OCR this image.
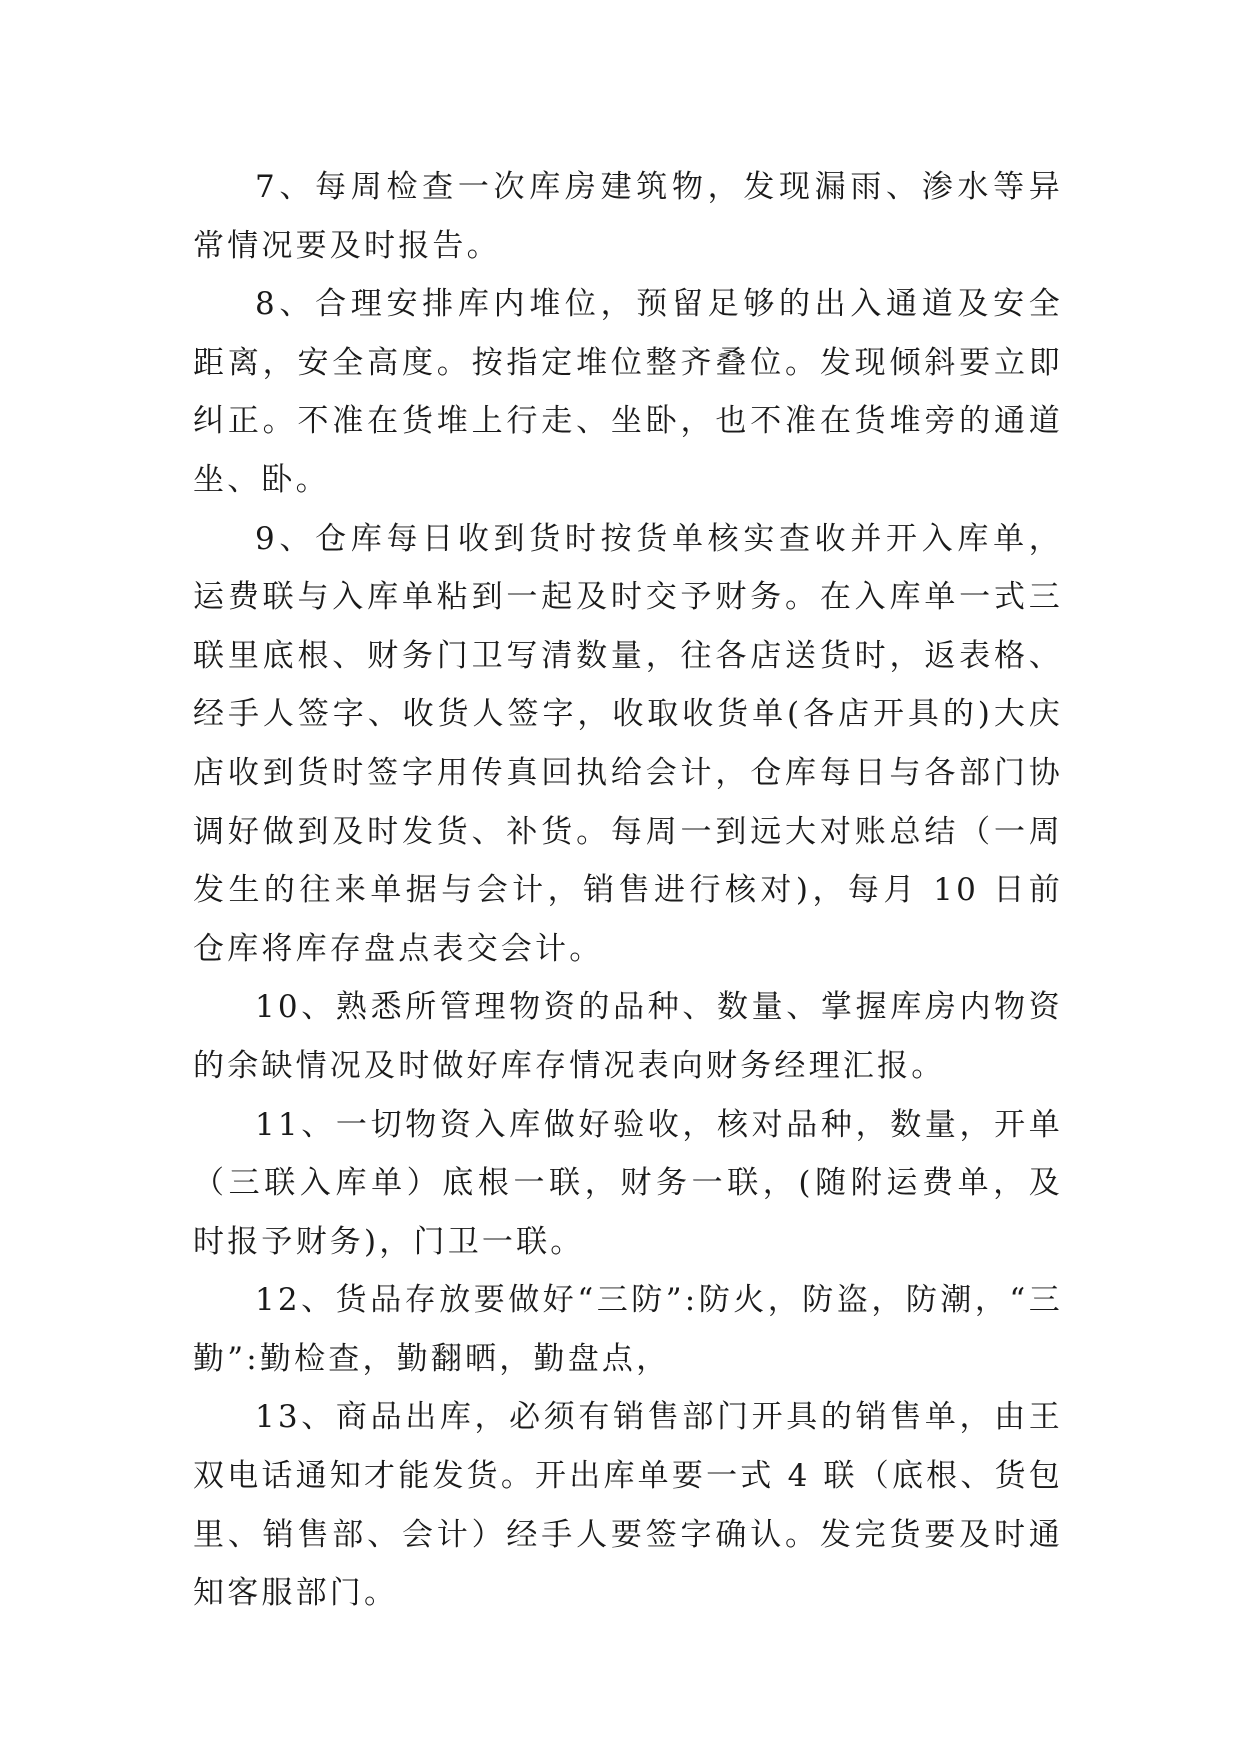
7、每周检查一次库房建筑物，发现漏雨、渗水等异常情况要及时报告。

8、合理安排库内堆位，预留足够的出入通道及安全距离，安全高度。按指定堆位整齐叠位。发现倾斜要立即纠正。不准在货堆上行走、坐卧，也不准在货堆旁的通道坐、卧。

9、仓库每日收到货时按货单核实查收并开入库单，运费联与入库单粘到一起及时交予财务。在入库单一式三联里底根、财务门卫写清数量，往各店送货时，返表格、经手人签字、收货人签字，收取收货单(各店开具的)大庆店收到货时签字用传真回执给会计，仓库每日与各部门协调好做到及时发货、补货。每周一到远大对账总结（一周发生的往来单据与会计，销售进行核对)，每月 10 日前仓库将库存盘点表交会计。

10、熟悉所管理物资的品种、数量、掌握库房内物资的余缺情况及时做好库存情况表向财务经理汇报。

11、一切物资入库做好验收，核对品种，数量，开单（三联入库单）底根一联，财务一联，(随附运费单，及时报予财务)，门卫一联。

12、货品存放要做好“三防”:防火，防盗，防潮，“三勤”:勤检查，勤翻晒，勤盘点，

13、商品出库，必须有销售部门开具的销售单，由王双电话通知才能发货。开出库单要一式 4 联（底根、货包里、销售部、会计）经手人要签字确认。发完货要及时通知客服部门。
